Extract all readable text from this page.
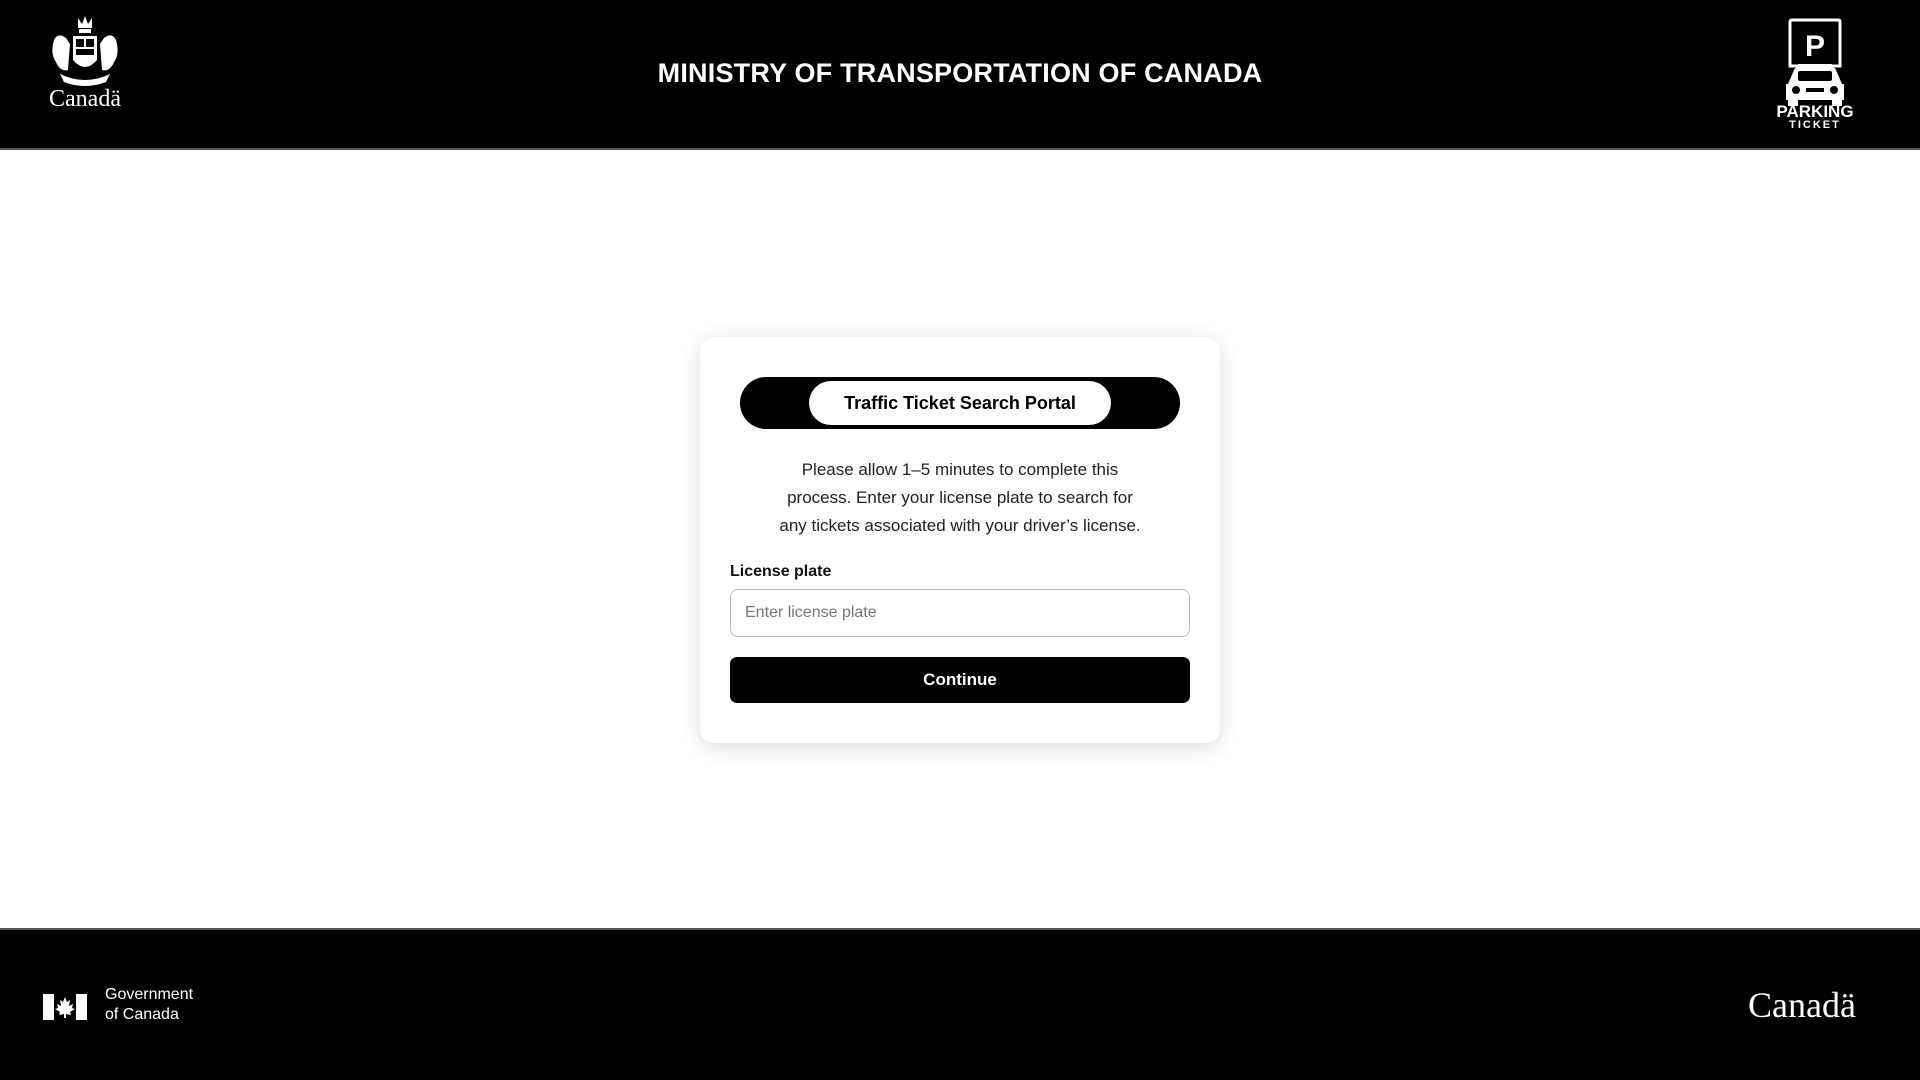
Canadä
MINISTRY OF TRANSPORTATION OF CANADA
P
PARKING
TICKET
Traffic Ticket Search Portal
Please allow 1–5 minutes to complete this
process. Enter your license plate to search for
any tickets associated with your driver’s license.
License plate
Enter license plate
Continue
Government
of Canada	Canadä
